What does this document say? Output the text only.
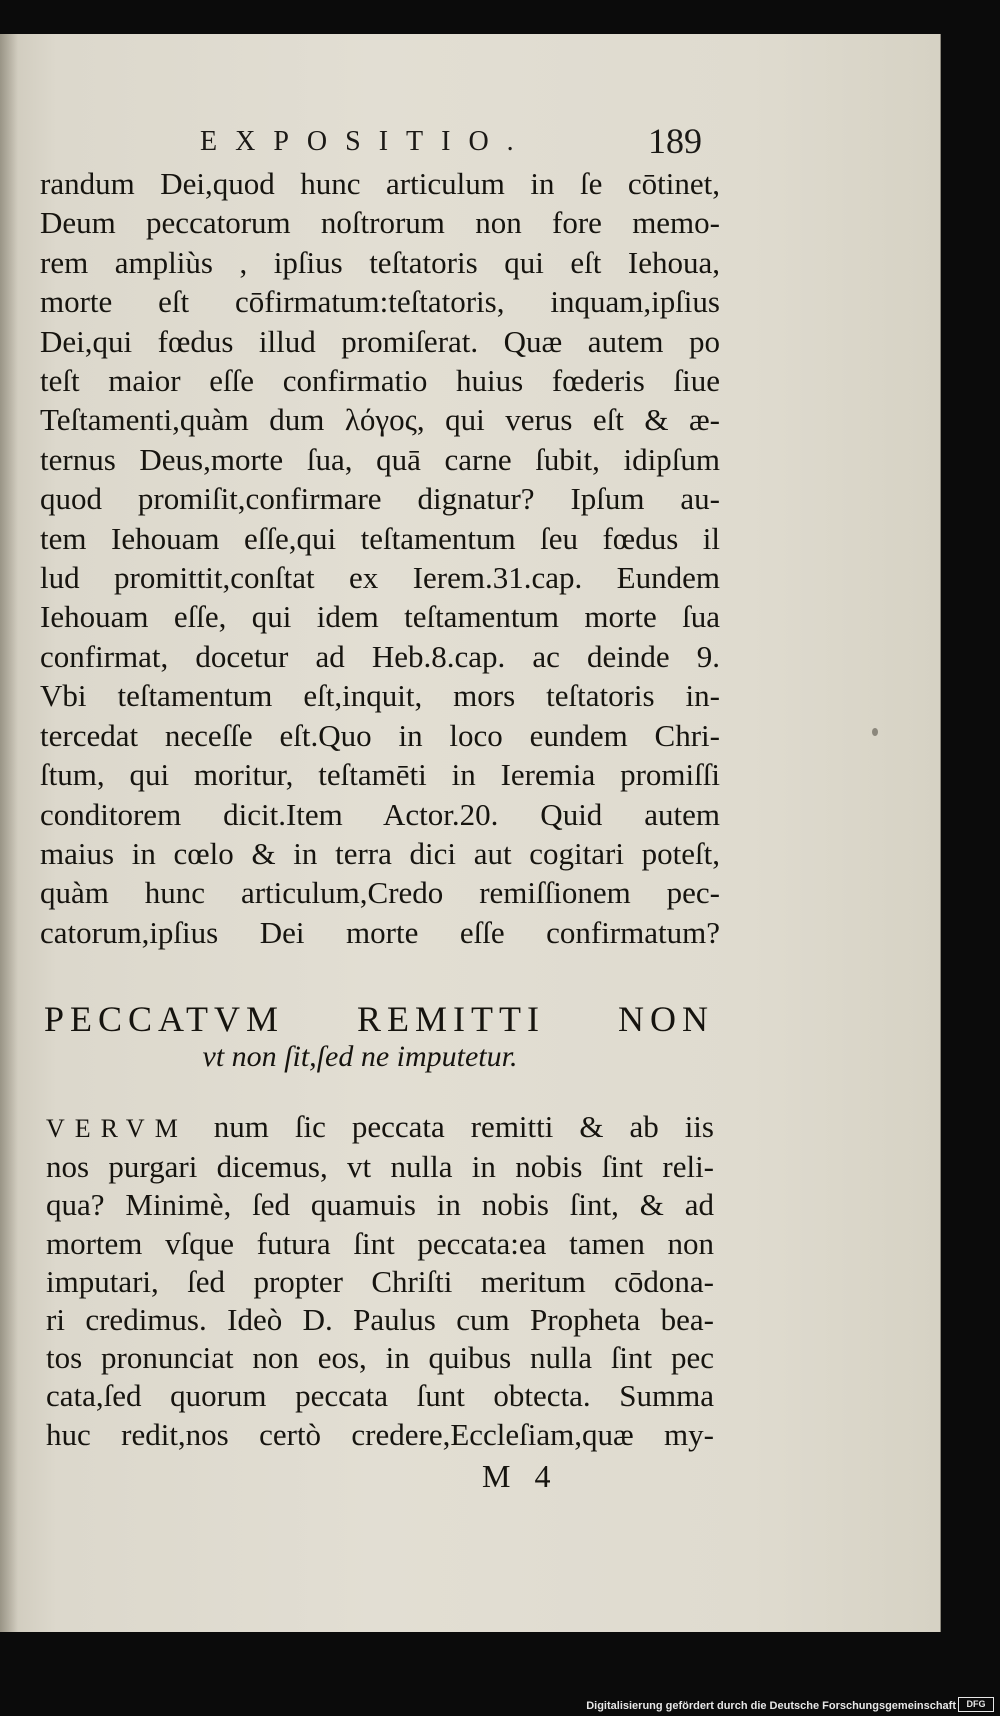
EXPOSITIO.	189
randum Dei,quod hunc articulum in ſe cōtinet,
Deum peccatorum noſtrorum non fore memo-
rem ampliùs , ipſius teſtatoris qui eſt Iehoua,
morte eſt cōfirmatum:teſtatoris, inquam,ipſius
Dei,qui fœdus illud promiſerat. Quæ autem po
teſt maior eſſe confirmatio huius fœderis ſiue
Teſtamenti,quàm dum λόγος, qui verus eſt & æ-
ternus Deus,morte ſua, quā carne ſubit, idipſum
quod promiſit,confirmare dignatur? Ipſum au-
tem Iehouam eſſe,qui teſtamentum ſeu fœdus il
lud promittit,conſtat ex Ierem.31.cap. Eundem
Iehouam eſſe, qui idem teſtamentum morte ſua
confirmat, docetur ad Heb.8.cap. ac deinde 9.
Vbi teſtamentum eſt,inquit, mors teſtatoris in-
tercedat neceſſe eſt.Quo in loco eundem Chri-
ſtum, qui moritur, teſtamēti in Ieremia promiſſi
conditorem dicit.Item Actor.20. Quid autem
maius in cœlo & in terra dici aut cogitari poteſt,
quàm hunc articulum,Credo remiſſionem pec-
catorum,ipſius Dei morte eſſe confirmatum?
PECCATVM REMITTI NON
vt non ſit,ſed ne imputetur.
VERVM num ſic peccata remitti & ab iis
nos purgari dicemus, vt nulla in nobis ſint reli-
qua? Minimè, ſed quamuis in nobis ſint, & ad
mortem vſque futura ſint peccata:ea tamen non
imputari, ſed propter Chriſti meritum cōdona-
ri credimus. Ideò D. Paulus cum Propheta bea-
tos pronunciat non eos, in quibus nulla ſint pec
cata,ſed quorum peccata ſunt obtecta. Summa
huc redit,nos certò credere,Eccleſiam,quæ my-
M 4
Digitalisierung gefördert durch die Deutsche Forschungsgemeinschaft	DFG
